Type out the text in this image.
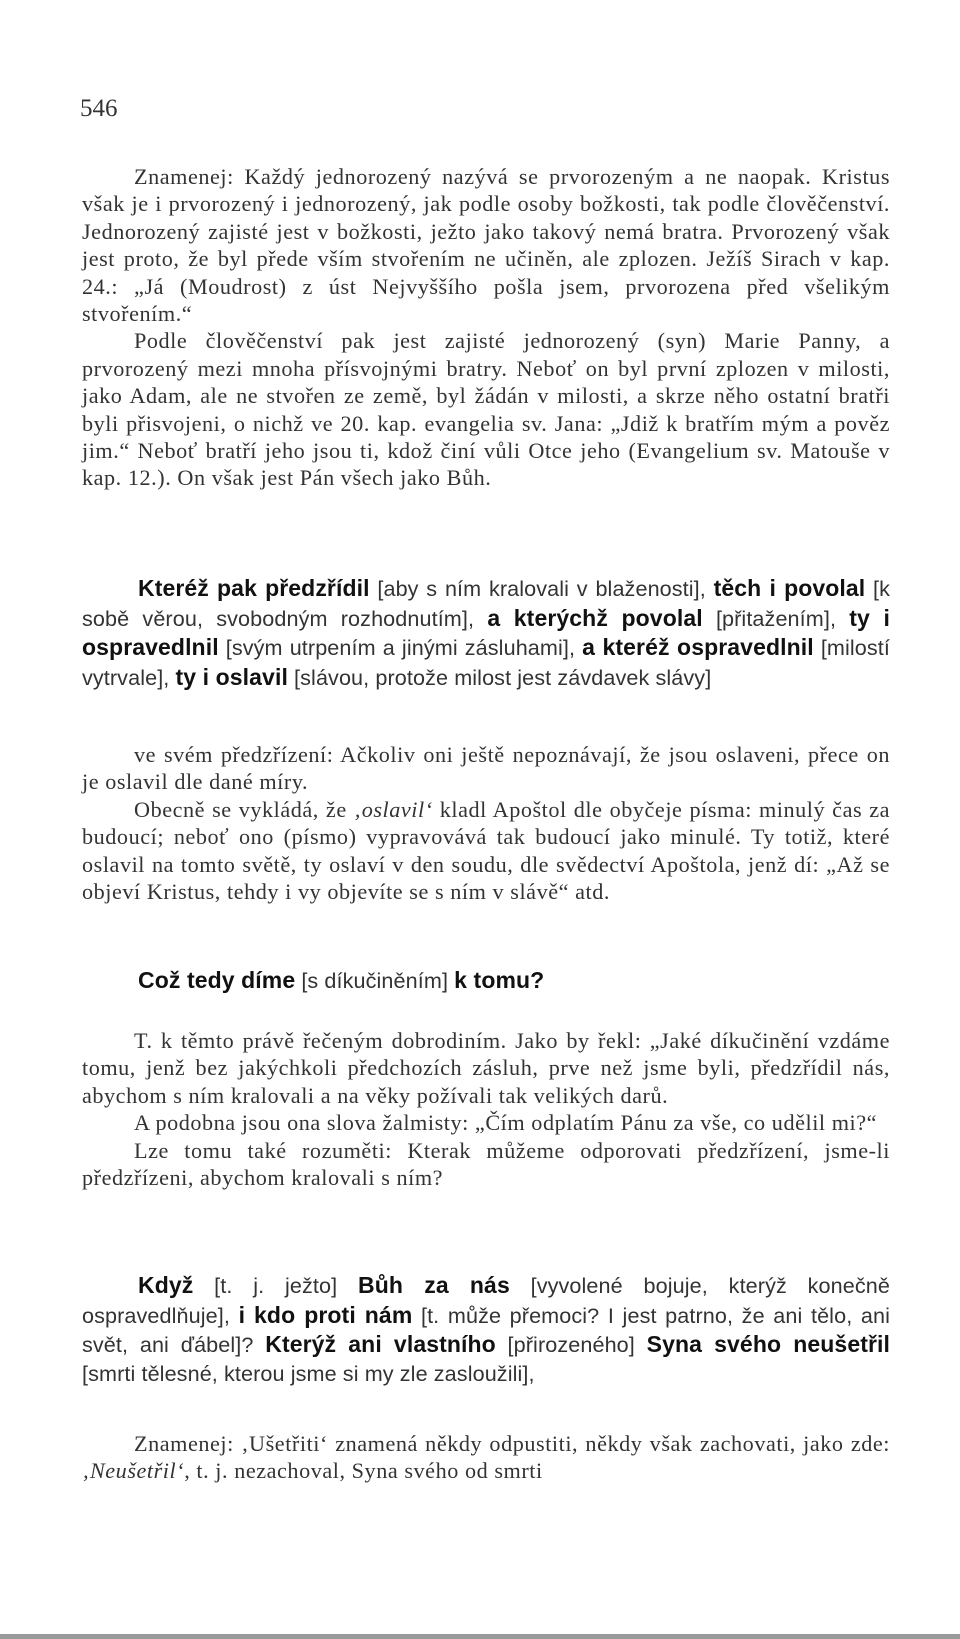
546

Znamenej: Každý jednorozený nazývá se prvorozeným a ne naopak. Kristus však je i prvorozený i jednorozený, jak podle osoby božkosti, tak podle člověčenství. Jednorozený zajisté jest v božkosti, ježto jako takový nemá bratra. Prvorozený však jest proto, že byl přede vším stvořením ne učiněn, ale zplozen. Ježíš Sirach v kap. 24.: „Já (Moudrost) z úst Nejvyššího pošla jsem, prvorozena před všelikým stvořením.“

Podle člověčenství pak jest zajisté jednorozený (syn) Marie Panny, a prvorozený mezi mnoha přísvojnými bratry. Neboť on byl první zplozen v milosti, jako Adam, ale ne stvořen ze země, byl žádán v milosti, a skrze něho ostatní bratři byli přisvojeni, o nichž ve 20. kap. evangelia sv. Jana: „Jdiž k bratřím mým a pověz jim.“ Neboť bratří jeho jsou ti, kdož činí vůli Otce jeho (Evangelium sv. Matouše v kap. 12.). On však jest Pán všech jako Bůh.

Kteréž pak předzřídil [aby s ním kralovali v blaženosti], těch i povolal [k sobě věrou, svobodným rozhodnutím], a kterýchž povolal [přitažením], ty i ospravedlnil [svým utrpením a jinými zásluhami], a kteréž ospravedlnil [milostí vytrvale], ty i oslavil [slávou, protože milost jest závdavek slávy]

ve svém předzřízení: Ačkoliv oni ještě nepoznávají, že jsou oslaveni, přece on je oslavil dle dané míry.

Obecně se vykládá, že ‚oslavil‘ kladl Apoštol dle obyčeje písma: minulý čas za budoucí; neboť ono (písmo) vypravovává tak budoucí jako minulé. Ty totiž, které oslavil na tomto světě, ty oslaví v den soudu, dle svědectví Apoštola, jenž dí: „Až se objeví Kristus, tehdy i vy objevíte se s ním v slávě“ atd.

Což tedy díme [s díkučiněním] k tomu?

T. k těmto právě řečeným dobrodiním. Jako by řekl: „Jaké díkučinění vzdáme tomu, jenž bez jakýchkoli předchozích zásluh, prve než jsme byli, předzřídil nás, abychom s ním kralovali a na věky požívali tak velikých darů.

A podobna jsou ona slova žalmisty: „Čím odplatím Pánu za vše, co udělil mi?“

Lze tomu také rozuměti: Kterak můžeme odporovati předzřízení, jsme-li předzřízeni, abychom kralovali s ním?

Když [t. j. ježto] Bůh za nás [vyvolené bojuje, kterýž konečně ospravedlňuje], i kdo proti nám [t. může přemoci? I jest patrno, že ani tělo, ani svět, ani ďábel]? Kterýž ani vlastního [přirozeného] Syna svého neušetřil [smrti tělesné, kterou jsme si my zle zasloužili],

Znamenej: ‚Ušetřiti‘ znamená někdy odpustiti, někdy však zachovati, jako zde: ‚Neušetřil‘, t. j. nezachoval, Syna svého od smrti
